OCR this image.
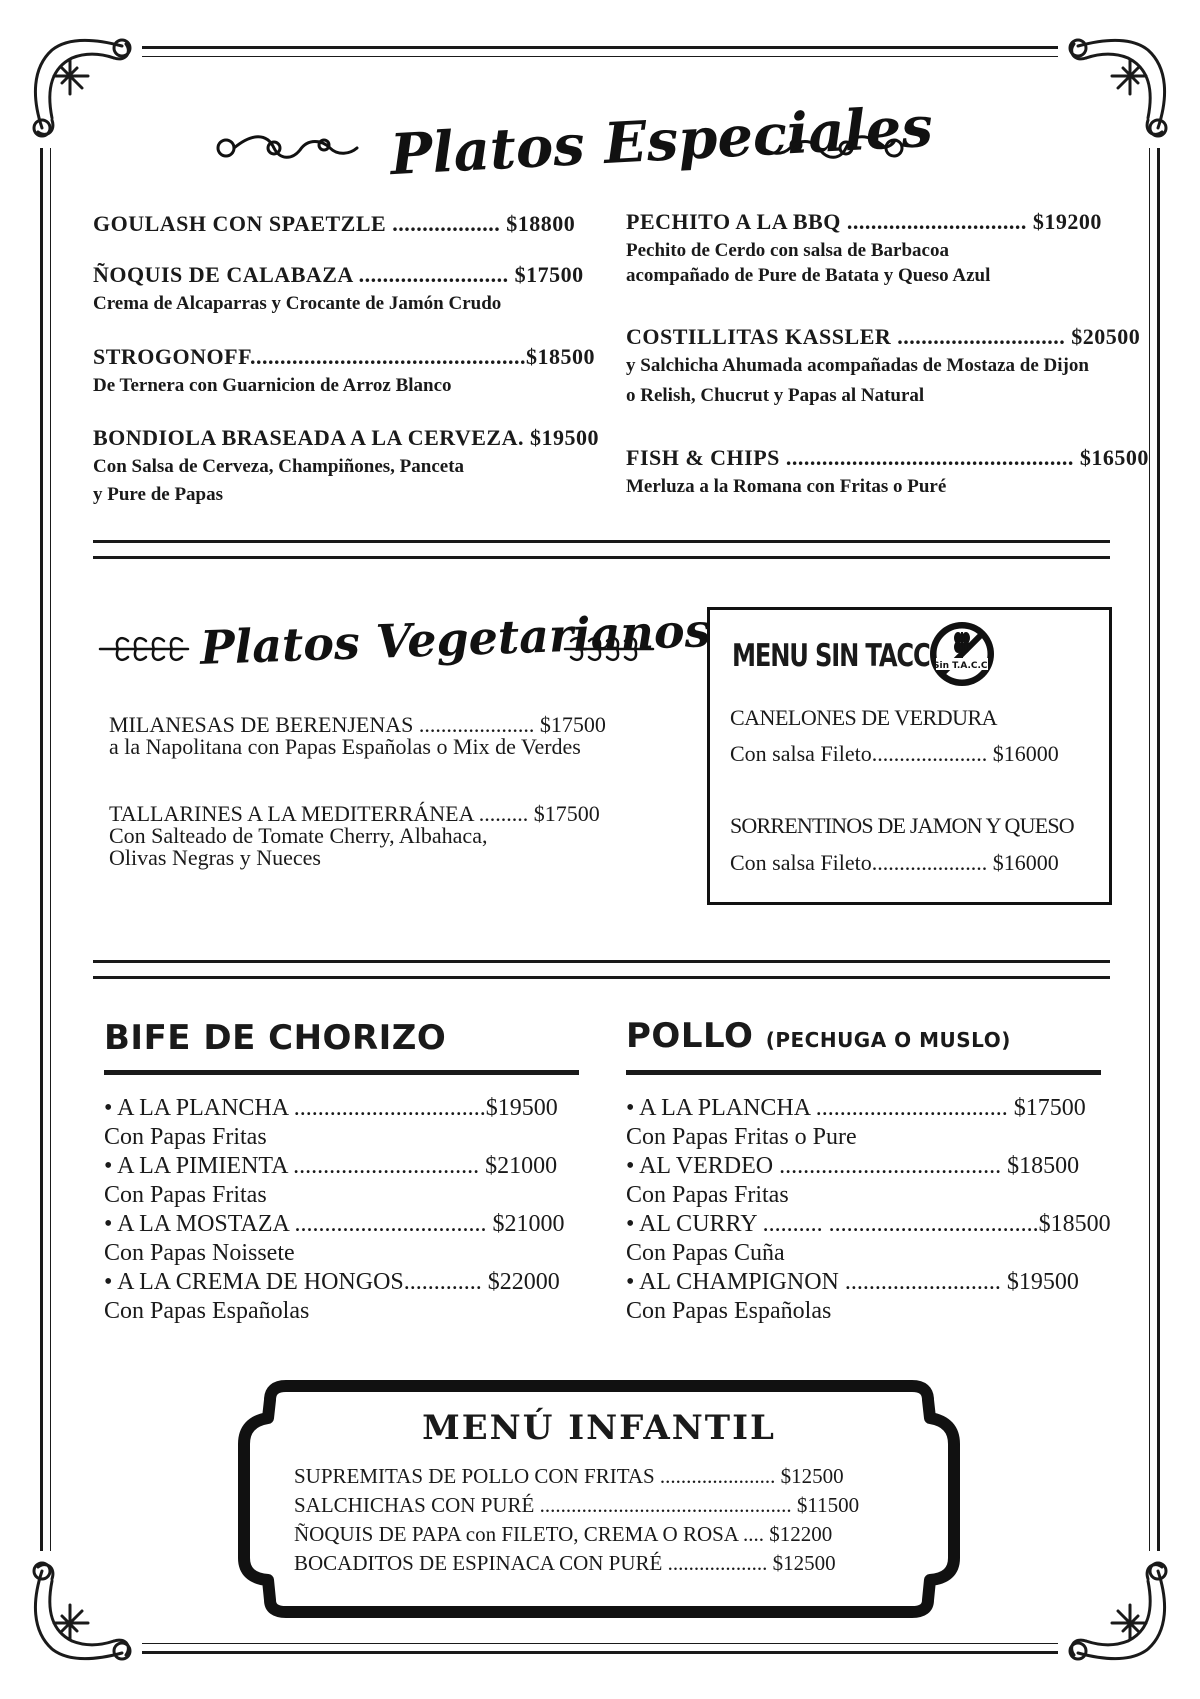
Platos Especiales
GOULASH CON SPAETZLE .................. $18800
ÑOQUIS DE CALABAZA ......................... $17500
Crema de Alcaparras y Crocante de Jamón Crudo
STROGONOFF..............................................$18500
De Ternera con Guarnicion de Arroz Blanco
BONDIOLA BRASEADA A LA CERVEZA. $19500
Con Salsa de Cerveza, Champiñones, Panceta
y Pure de Papas
PECHITO A LA BBQ .............................. $19200
Pechito de Cerdo con salsa de Barbacoa
acompañado de Pure de Batata y Queso Azul
COSTILLITAS KASSLER ............................ $20500
y Salchicha Ahumada acompañadas de Mostaza de Dijon
o Relish, Chucrut y Papas al Natural
FISH & CHIPS ................................................ $16500
Merluza a la Romana con Fritas o Puré
Platos Vegetarianos
MILANESAS DE BERENJENAS ..................... $17500
a la Napolitana con Papas Españolas o Mix de Verdes
TALLARINES A LA MEDITERRÁNEA ......... $17500
Con Salteado de Tomate Cherry, Albahaca,
Olivas Negras y Nueces
MENU SIN TACC Sin T.A.C.C.
CANELONES DE VERDURA
Con salsa Fileto..................... $16000
SORRENTINOS DE JAMON Y QUESO
Con salsa Fileto..................... $16000
BIFE DE CHORIZO
• A LA PLANCHA ................................$19500
Con Papas Fritas
• A LA PIMIENTA ............................... $21000
Con Papas Fritas
• A LA MOSTAZA ................................ $21000
Con Papas Noissete
• A LA CREMA DE HONGOS............. $22000
Con Papas Españolas
POLLO (PECHUGA O MUSLO)
• A LA PLANCHA ................................ $17500
Con Papas Fritas o Pure
• AL VERDEO ..................................... $18500
Con Papas Fritas
• AL CURRY .......... ...................................$18500
Con Papas Cuña
• AL CHAMPIGNON .......................... $19500
Con Papas Españolas
MENÚ INFANTIL
SUPREMITAS DE POLLO CON FRITAS ...................... $12500
SALCHICHAS CON PURÉ ................................................ $11500
ÑOQUIS DE PAPA con FILETO, CREMA O ROSA .... $12200
BOCADITOS DE ESPINACA CON PURÉ ................... $12500
